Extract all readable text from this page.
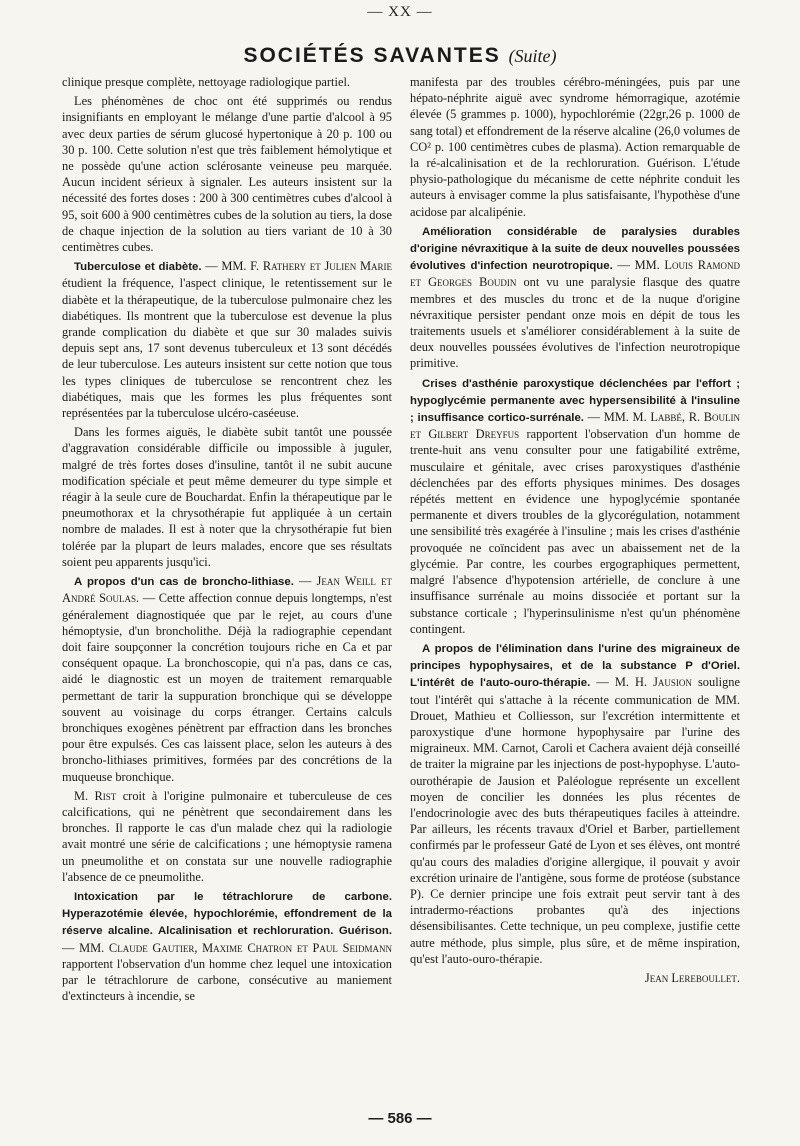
— XX —
SOCIÉTÉS SAVANTES (Suite)

clinique presque complète, nettoyage radiologique partiel.

Les phénomènes de choc ont été supprimés ou rendus insignifiants en employant le mélange d'une partie d'alcool à 95 avec deux parties de sérum glucosé hypertonique à 20 p. 100 ou 30 p. 100. Cette solution n'est que très faiblement hémolytique et ne possède qu'une action sclérosante veineuse peu marquée. Aucun incident sérieux à signaler. Les auteurs insistent sur la nécessité des fortes doses : 200 à 300 centimètres cubes d'alcool à 95, soit 600 à 900 centimètres cubes de la solution au tiers, la dose de chaque injection de la solution au tiers variant de 10 à 30 centimètres cubes.

Tuberculose et diabète. — MM. F. Rathery et Julien Marie étudient la fréquence, l'aspect clinique, le retentissement sur le diabète et la thérapeutique, de la tuberculose pulmonaire chez les diabétiques. Ils montrent que la tuberculose est devenue la plus grande complication du diabète et que sur 30 malades suivis depuis sept ans, 17 sont devenus tuberculeux et 13 sont décédés de leur tuberculose. Les auteurs insistent sur cette notion que tous les types cliniques de tuberculose se rencontrent chez les diabétiques, mais que les formes les plus fréquentes sont représentées par la tuberculose ulcéro-caséeuse.

Dans les formes aiguës, le diabète subit tantôt une poussée d'aggravation considérable difficile ou impossible à juguler, malgré de très fortes doses d'insuline, tantôt il ne subit aucune modification spéciale et peut même demeurer du type simple et réagir à la seule cure de Bouchardat. Enfin la thérapeutique par le pneumothorax et la chrysothérapie fut appliquée à un certain nombre de malades. Il est à noter que la chrysothérapie fut bien tolérée par la plupart de leurs malades, encore que ses résultats soient peu apparents jusqu'ici.

A propos d'un cas de broncho-lithiase. — Jean Weill et André Soulas. — Cette affection connue depuis longtemps, n'est généralement diagnostiquée que par le rejet, au cours d'une hémoptysie, d'un broncholithe. Déjà la radiographie cependant doit faire soupçonner la concrétion toujours riche en Ca et par conséquent opaque. La bronchoscopie, qui n'a pas, dans ce cas, aidé le diagnostic est un moyen de traitement remarquable permettant de tarir la suppuration bronchique qui se développe souvent au voisinage du corps étranger. Certains calculs bronchiques exogènes pénètrent par effraction dans les bronches pour être expulsés. Ces cas laissent place, selon les auteurs à des broncho-lithiases primitives, formées par des concrétions de la muqueuse bronchique.

M. Rist croit à l'origine pulmonaire et tuberculeuse de ces calcifications, qui ne pénètrent que secondairement dans les bronches. Il rapporte le cas d'un malade chez qui la radiologie avait montré une série de calcifications ; une hémoptysie ramena un pneumolithe et on constata sur une nouvelle radiographie l'absence de ce pneumolithe.

Intoxication par le tétrachlorure de carbone. Hyperazotémie élevée, hypochlorémie, effondrement de la réserve alcaline. Alcalinisation et rechloruration. Guérison. — MM. Claude Gautier, Maxime Chatron et Paul Seidmann rapportent l'observation d'un homme chez lequel une intoxication par le tétrachlorure de carbone, consécutive au maniement d'extincteurs à incendie, se

manifesta par des troubles cérébro-méningées, puis par une hépato-néphrite aiguë avec syndrome hémorragique, azotémie élevée (5 grammes p. 1000), hypochlorémie (22gr,26 p. 1000 de sang total) et effondrement de la réserve alcaline (26,0 volumes de CO² p. 100 centimètres cubes de plasma). Action remarquable de la ré-alcalinisation et de la rechloruration. Guérison. L'étude physio-pathologique du mécanisme de cette néphrite conduit les auteurs à envisager comme la plus satisfaisante, l'hypothèse d'une acidose par alcalipénie.

Amélioration considérable de paralysies durables d'origine névraxitique à la suite de deux nouvelles poussées évolutives d'infection neurotropique. — MM. Louis Ramond et Georges Boudin ont vu une paralysie flasque des quatre membres et des muscles du tronc et de la nuque d'origine névraxitique persister pendant onze mois en dépit de tous les traitements usuels et s'améliorer considérablement à la suite de deux nouvelles poussées évolutives de l'infection neurotropique primitive.

Crises d'asthénie paroxystique déclenchées par l'effort ; hypoglycémie permanente avec hypersensibilité à l'insuline ; insuffisance cortico-surrénale. — MM. M. Labbé, R. Boulin et Gilbert Dreyfus rapportent l'observation d'un homme de trente-huit ans venu consulter pour une fatigabilité extrême, musculaire et génitale, avec crises paroxystiques d'asthénie déclenchées par des efforts physiques minimes. Des dosages répétés mettent en évidence une hypoglycémie spontanée permanente et divers troubles de la glycorégulation, notamment une sensibilité très exagérée à l'insuline ; mais les crises d'asthénie provoquée ne coïncident pas avec un abaissement net de la glycémie. Par contre, les courbes ergographiques permettent, malgré l'absence d'hypotension artérielle, de conclure à une insuffisance surrénale au moins dissociée et portant sur la substance corticale ; l'hyperinsulinisme n'est qu'un phénomène contingent.

A propos de l'élimination dans l'urine des migraineux de principes hypophysaires, et de la substance P d'Oriel. L'intérêt de l'auto-ouro-thérapie. — M. H. Jausion souligne tout l'intérêt qui s'attache à la récente communication de MM. Drouet, Mathieu et Colliesson, sur l'excrétion intermittente et paroxystique d'une hormone hypophysaire par l'urine des migraineux. MM. Carnot, Caroli et Cachera avaient déjà conseillé de traiter la migraine par les injections de post-hypophyse. L'auto-ourothérapie de Jausion et Paléologue représente un excellent moyen de concilier les données les plus récentes de l'endocrinologie avec des buts thérapeutiques faciles à atteindre. Par ailleurs, les récents travaux d'Oriel et Barber, partiellement confirmés par le professeur Gaté de Lyon et ses élèves, ont montré qu'au cours des maladies d'origine allergique, il pouvait y avoir excrétion urinaire de l'antigène, sous forme de protéose (substance P). Ce dernier principe une fois extrait peut servir tant à des intradermo-réactions probantes qu'à des injections désensibilisantes. Cette technique, un peu complexe, justifie cette autre méthode, plus simple, plus sûre, et de même inspiration, qu'est l'auto-ouro-thérapie.

Jean Lereboullet.

— 586 —
